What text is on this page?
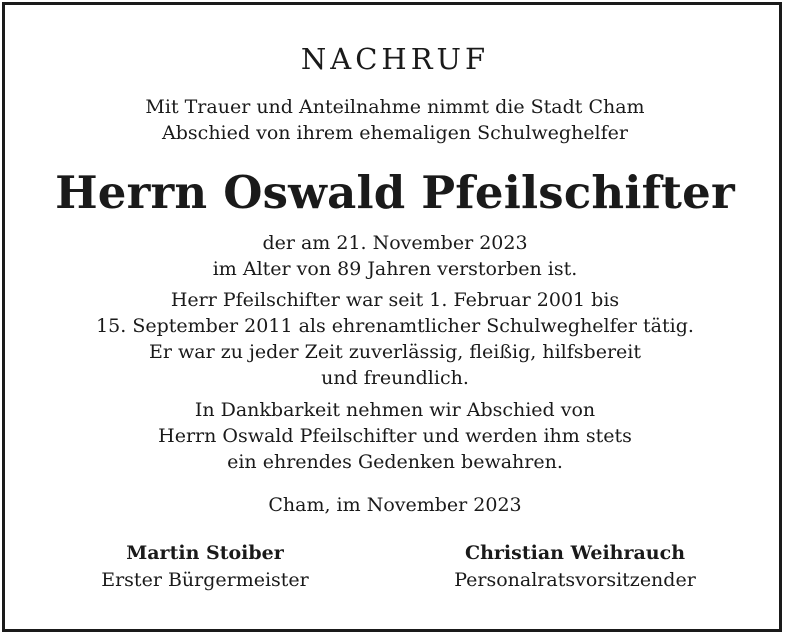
NACHRUF
Mit Trauer und Anteilnahme nimmt die Stadt Cham
Abschied von ihrem ehemaligen Schulweghelfer
Herrn Oswald Pfeilschifter
der am 21. November 2023
im Alter von 89 Jahren verstorben ist.
Herr Pfeilschifter war seit 1. Februar 2001 bis
15. September 2011 als ehrenamtlicher Schulweghelfer tätig.
Er war zu jeder Zeit zuverlässig, fleißig, hilfsbereit
und freundlich.
In Dankbarkeit nehmen wir Abschied von
Herrn Oswald Pfeilschifter und werden ihm stets
ein ehrendes Gedenken bewahren.
Cham, im November 2023
Martin Stoiber
Erster Bürgermeister
Christian Weihrauch
Personalratsvorsitzender
